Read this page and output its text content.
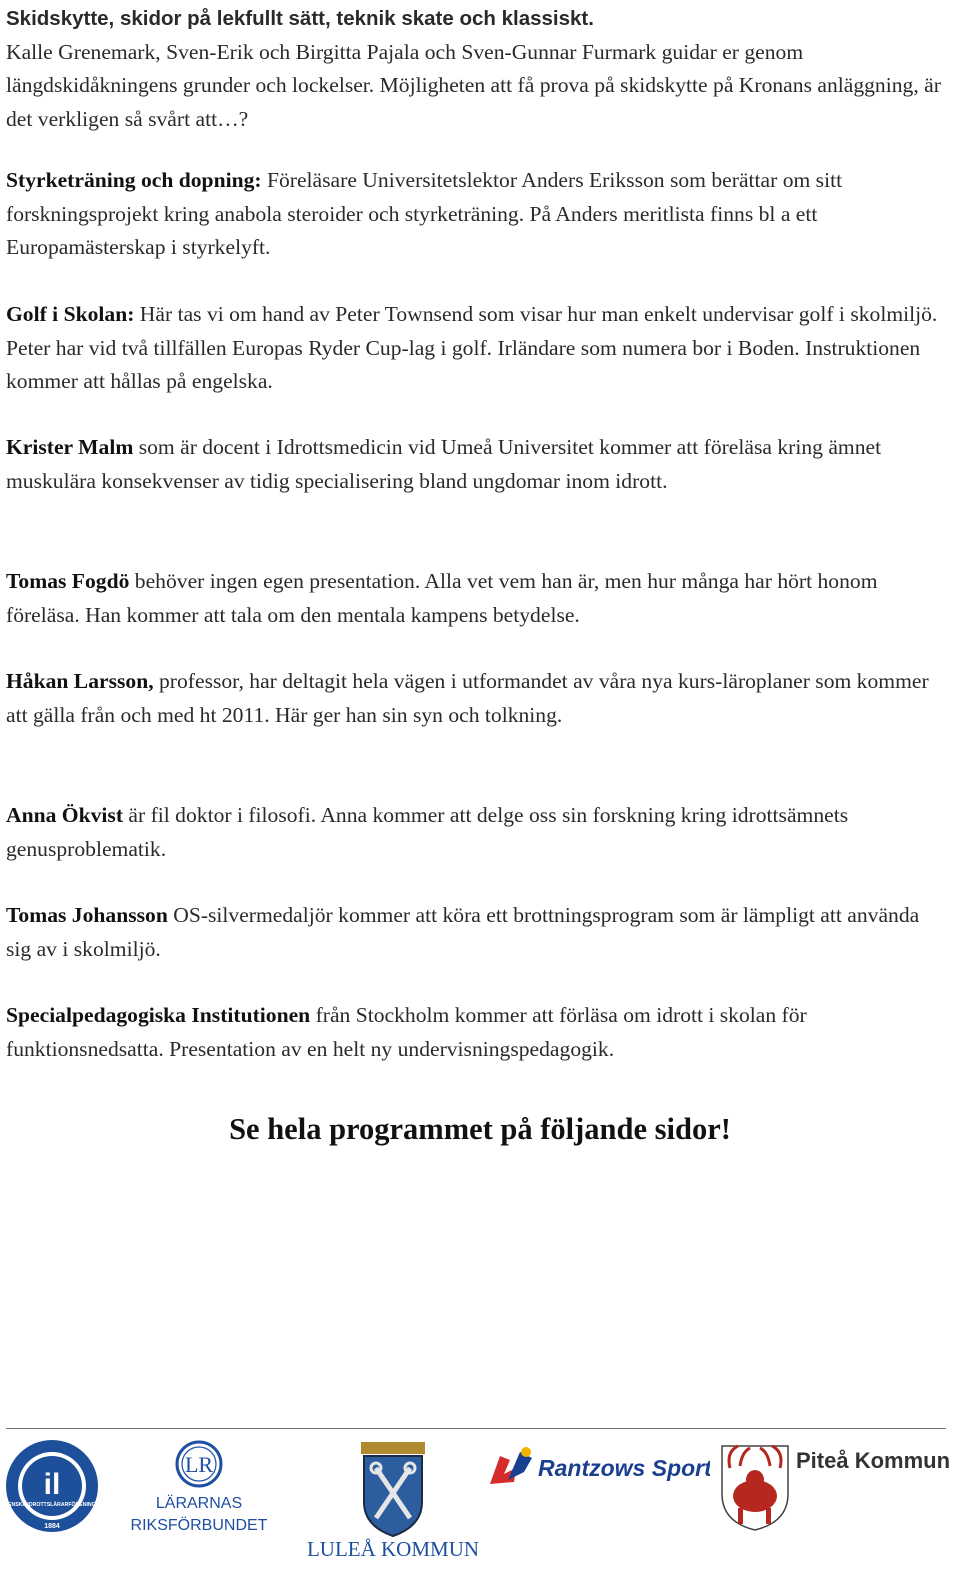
Skidskytte, skidor på lekfullt sätt, teknik skate och klassiskt.
Kalle Grenemark, Sven-Erik och Birgitta Pajala och Sven-Gunnar Furmark guidar er genom längdskidåkningens grunder och lockelser. Möjligheten att få prova på skidskytte på Kronans anläggning, är det verkligen så svårt att…?

Styrketräning och dopning: Föreläsare Universitetslektor Anders Eriksson som berättar om sitt forskningsprojekt kring anabola steroider och styrketräning. På Anders meritlista finns bl a ett Europamästerskap i styrkelyft.

Golf i Skolan: Här tas vi om hand av Peter Townsend som visar hur man enkelt undervisar golf i skolmiljö. Peter har vid två tillfällen Europas Ryder Cup-lag i golf. Irländare som numera bor i Boden. Instruktionen kommer att hållas på engelska.

Krister Malm som är docent i Idrottsmedicin vid Umeå Universitet kommer att föreläsa kring ämnet muskulära konsekvenser av tidig specialisering bland ungdomar inom idrott.

Tomas Fogdö behöver ingen egen presentation. Alla vet vem han är, men hur många har hört honom föreläsa. Han kommer att tala om den mentala kampens betydelse.

Håkan Larsson, professor, har deltagit hela vägen i utformandet av våra nya kurs-läroplaner som kommer att gälla från och med ht 2011. Här ger han sin syn och tolkning.

Anna Ökvist är fil doktor i filosofi. Anna kommer att delge oss sin forskning kring idrottsämnets genusproblematik.

Tomas Johansson OS-silvermedaljör kommer att köra ett brottningsprogram som är lämpligt att använda sig av i skolmiljö.

Specialpedagogiska Institutionen från Stockholm kommer att förläsa om idrott i skolan för funktionsnedsatta. Presentation av en helt ny undervisningspedagogik.

Se hela programmet på följande sidor!

il
SVENSKA IDROTTSLÄRARFÖRENINGEN
1884
LR
LÄRARNAS
RIKSFÖRBUNDET
LULEÅ KOMMUN
Rantzows Sport	Piteå Kommun
